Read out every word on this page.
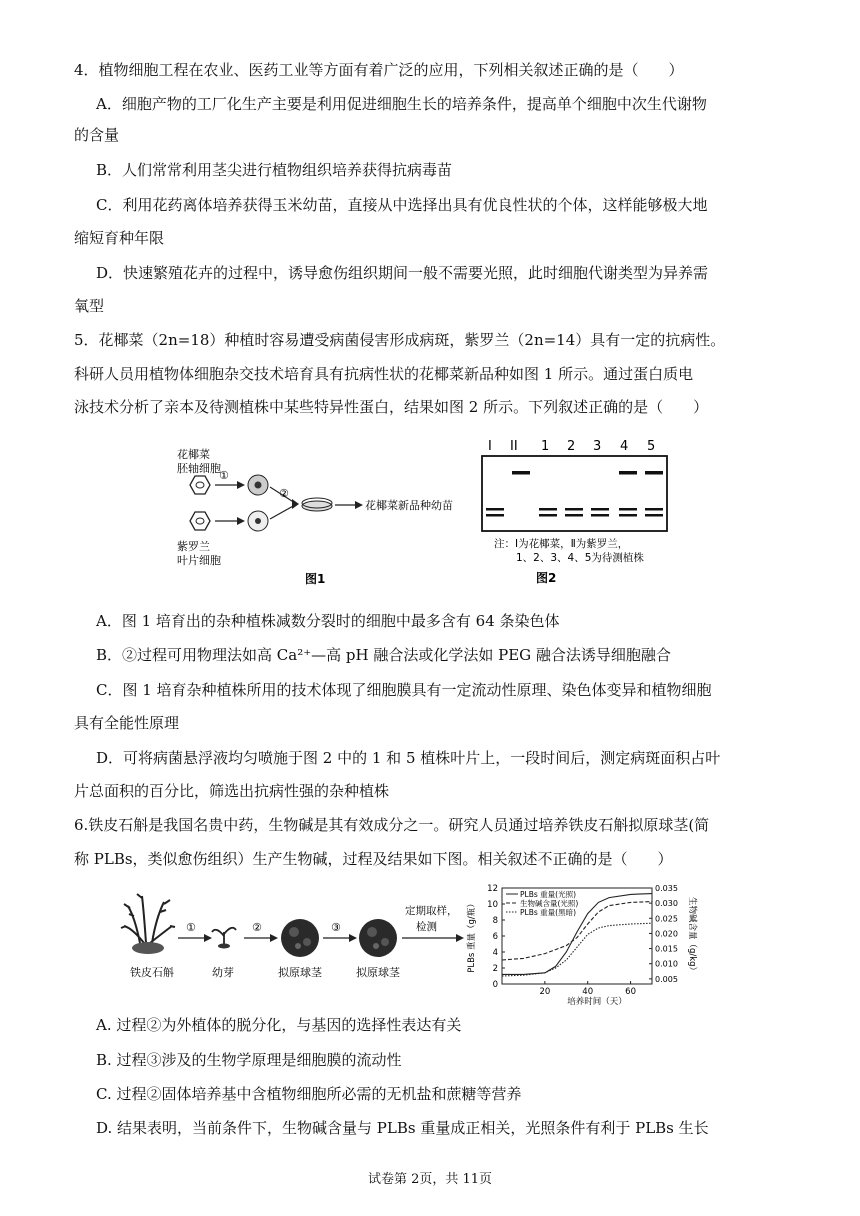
4．植物细胞工程在农业、医药工业等方面有着广泛的应用，下列相关叙述正确的是（　　）
A．细胞产物的工厂化生产主要是利用促进细胞生长的培养条件，提高单个细胞中次生代谢物
的含量
B．人们常常利用茎尖进行植物组织培养获得抗病毒苗
C．利用花药离体培养获得玉米幼苗，直接从中选择出具有优良性状的个体，这样能够极大地
缩短育种年限
D．快速繁殖花卉的过程中，诱导愈伤组织期间一般不需要光照，此时细胞代谢类型为异养需
氧型
5．花椰菜（2n=18）种植时容易遭受病菌侵害形成病斑，紫罗兰（2n=14）具有一定的抗病性。
科研人员用植物体细胞杂交技术培育具有抗病性状的花椰菜新品种如图 1 所示。通过蛋白质电
泳技术分析了亲本及待测植株中某些特异性蛋白，结果如图 2 所示。下列叙述正确的是（　　）
花椰菜
胚轴细胞
①
②
花椰菜新品种幼苗
紫罗兰
叶片细胞
图1
I II 1 2 3 4 5
注：Ⅰ为花椰菜，Ⅱ为紫罗兰，
1、2、3、4、5为待测植株
图2
A．图 1 培育出的杂种植株减数分裂时的细胞中最多含有 64 条染色体
B．②过程可用物理法如高 Ca²⁺—高 pH 融合法或化学法如 PEG 融合法诱导细胞融合
C．图 1 培育杂种植株所用的技术体现了细胞膜具有一定流动性原理、染色体变异和植物细胞
具有全能性原理
D．可将病菌悬浮液均匀喷施于图 2 中的 1 和 5 植株叶片上，一段时间后，测定病斑面积占叶
片总面积的百分比，筛选出抗病性强的杂种植株
6.铁皮石斛是我国名贵中药，生物碱是其有效成分之一。研究人员通过培养铁皮石斛拟原球茎(简
称 PLBs，类似愈伤组织）生产生物碱，过程及结果如下图。相关叙述不正确的是（　　）
①	②	③
定期取样，
检测
铁皮石斛	幼芽	拟原球茎	拟原球茎	PLBs 重量（g/瓶）	生物碱含量（g/kg）
培养时间（天）
0
2
4
6
8
10
12
0.005
0.010
0.015
0.020
0.025
0.030
0.035
20	40	60
PLBs 重量(光照)
生物碱含量(光照)
PLBs 重量(黑暗)
A. 过程②为外植体的脱分化，与基因的选择性表达有关
B. 过程③涉及的生物学原理是细胞膜的流动性
C. 过程②固体培养基中含植物细胞所必需的无机盐和蔗糖等营养
D. 结果表明，当前条件下，生物碱含量与 PLBs 重量成正相关，光照条件有利于 PLBs 生长
试卷第 2页，共 11页
